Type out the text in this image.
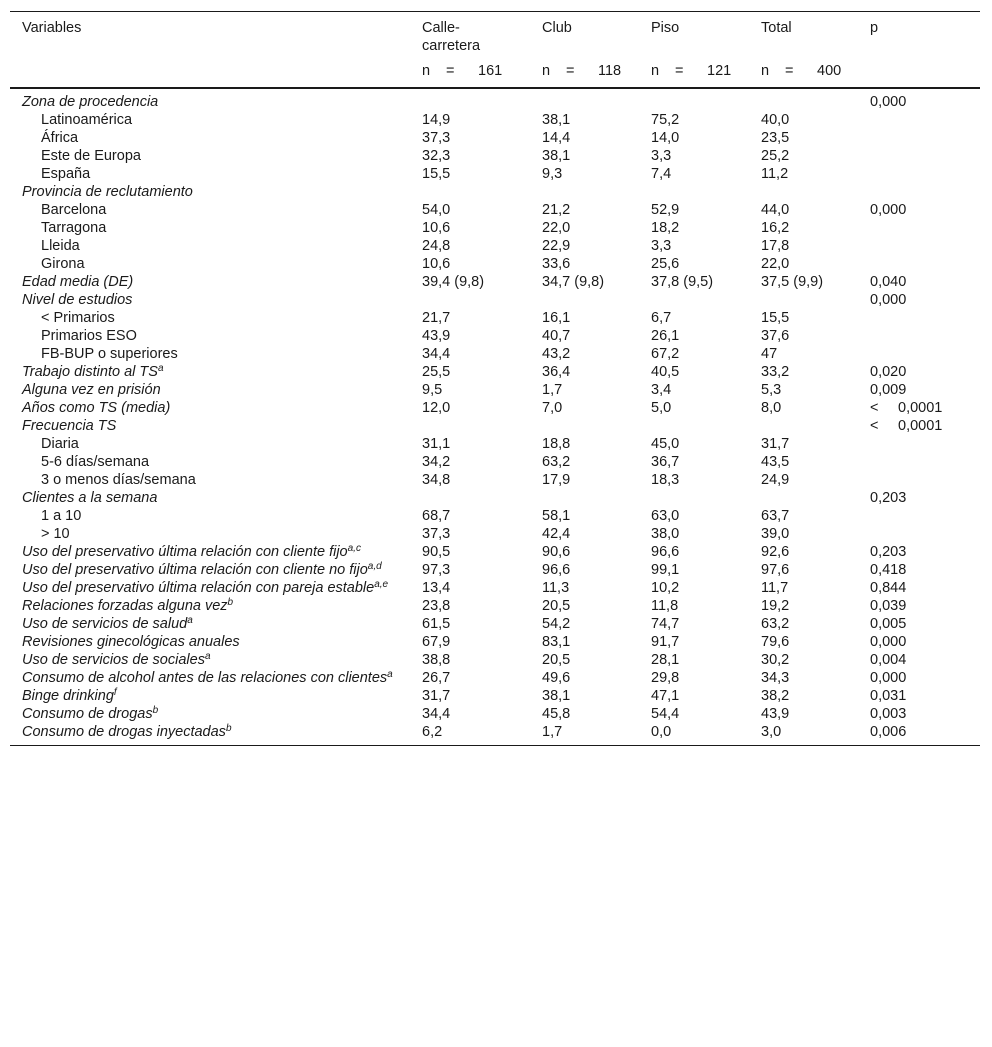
Variables	Calle-carretera	Club	Piso	Total	p
	n = 161	n = 118	n = 121	n = 400	
Zona de procedencia					0,000
Latinoamérica	14,9	38,1	75,2	40,0	
África	37,3	14,4	14,0	23,5	
Este de Europa	32,3	38,1	3,3	25,2	
España	15,5	9,3	7,4	11,2	
Provincia de reclutamiento					
Barcelona	54,0	21,2	52,9	44,0	0,000
Tarragona	10,6	22,0	18,2	16,2	
Lleida	24,8	22,9	3,3	17,8	
Girona	10,6	33,6	25,6	22,0	
Edad media (DE)	39,4 (9,8)	34,7 (9,8)	37,8 (9,5)	37,5 (9,9)	0,040
Nivel de estudios					0,000
˂ Primarios	21,7	16,1	6,7	15,5	
Primarios ESO	43,9	40,7	26,1	37,6	
FB-BUP o superiores	34,4	43,2	67,2	47	
Trabajo distinto al $TS^a$	25,5	36,4	40,5	33,2	0,020
Alguna vez en prisión	9,5	1,7	3,4	5,3	0,009
Años como TS (media)	12,0	7,0	5,0	8,0	< 0,0001
Frecuencia TS					< 0,0001
Diaria	31,1	18,8	45,0	31,7	
5-6 días/semana	34,2	63,2	36,7	43,5	
3 o menos días/semana	34,8	17,9	18,3	24,9	
Clientes a la semana					0,203
1 a 10	68,7	58,1	63,0	63,7	
˃ 10	37,3	42,4	38,0	39,0	
Uso del preservativo última relación con cliente fijo$^{a,c}$	90,5	90,6	96,6	92,6	0,203
Uso del preservativo última relación con cliente no fijo$^{a,d}$	97,3	96,6	99,1	97,6	0,418
Uso del preservativo última relación con pareja estable$^{a,e}$	13,4	11,3	10,2	11,7	0,844
Relaciones forzadas alguna vez$^b$	23,8	20,5	11,8	19,2	0,039
Uso de servicios de salud$^a$	61,5	54,2	74,7	63,2	0,005
Revisiones ginecológicas anuales	67,9	83,1	91,7	79,6	0,000
Uso de servicios de sociales$^a$	38,8	20,5	28,1	30,2	0,004
Consumo de alcohol antes de las relaciones con clientes$^a$	26,7	49,6	29,8	34,3	0,000
Binge drinking$^f$	31,7	38,1	47,1	38,2	0,031
Consumo de drogas$^b$	34,4	45,8	54,4	43,9	0,003
Consumo de drogas inyectadas$^b$	6,2	1,7	0,0	3,0	0,006
